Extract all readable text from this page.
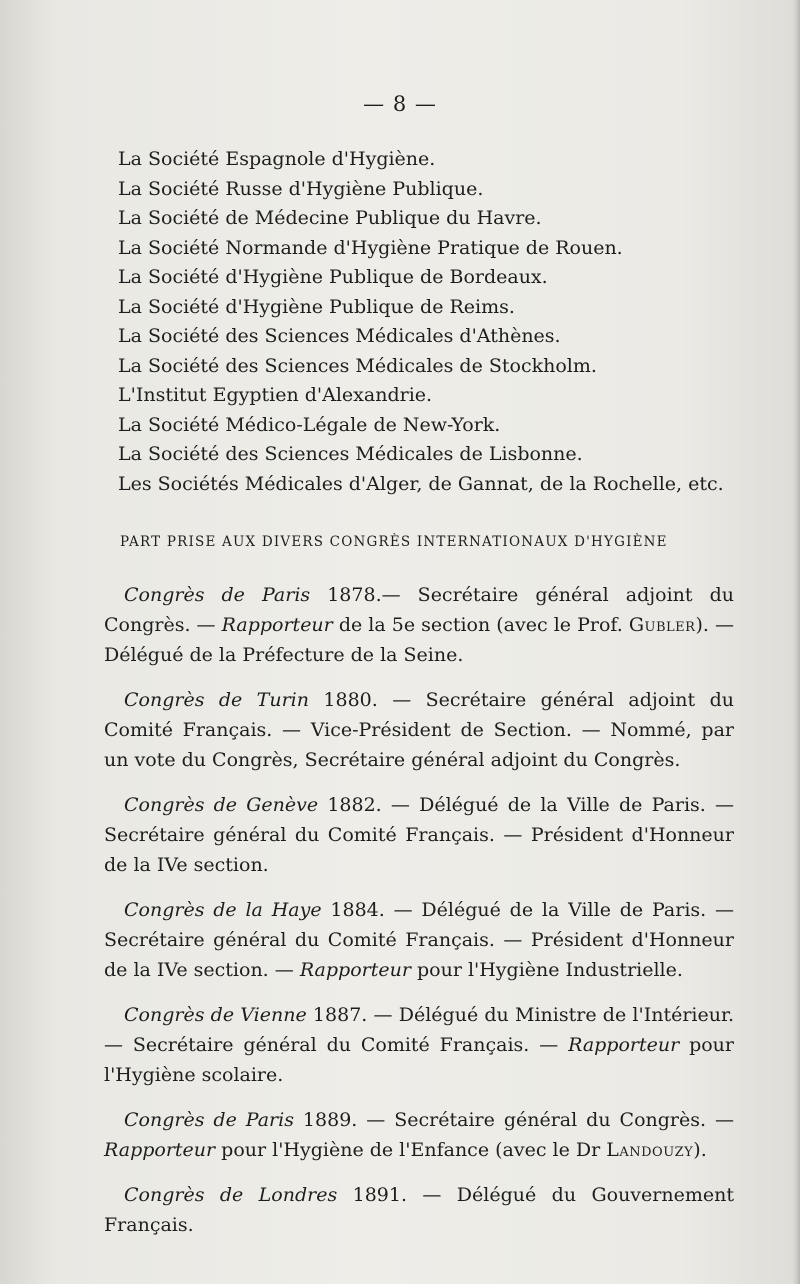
— 8 —
La Société Espagnole d'Hygiène.
La Société Russe d'Hygiène Publique.
La Société de Médecine Publique du Havre.
La Société Normande d'Hygiène Pratique de Rouen.
La Société d'Hygiène Publique de Bordeaux.
La Société d'Hygiène Publique de Reims.
La Société des Sciences Médicales d'Athènes.
La Société des Sciences Médicales de Stockholm.
L'Institut Egyptien d'Alexandrie.
La Société Médico-Légale de New-York.
La Société des Sciences Médicales de Lisbonne.
Les Sociétés Médicales d'Alger, de Gannat, de la Rochelle, etc.
PART PRISE AUX DIVERS CONGRÈS INTERNATIONAUX D'HYGIÈNE

Congrès de Paris 1878.— Secrétaire général adjoint du Congrès. — Rapporteur de la 5e section (avec le Prof. Gubler). — Délégué de la Préfecture de la Seine.

Congrès de Turin 1880. — Secrétaire général adjoint du Comité Français. — Vice-Président de Section. — Nommé, par un vote du Congrès, Secrétaire général adjoint du Congrès.

Congrès de Genève 1882. — Délégué de la Ville de Paris. — Secrétaire général du Comité Français. — Président d'Honneur de la IVe section.

Congrès de la Haye 1884. — Délégué de la Ville de Paris. — Secrétaire général du Comité Français. — Président d'Honneur de la IVe section. — Rapporteur pour l'Hygiène Industrielle.

Congrès de Vienne 1887. — Délégué du Ministre de l'Intérieur. — Secrétaire général du Comité Français. — Rapporteur pour l'Hygiène scolaire.

Congrès de Paris 1889. — Secrétaire général du Congrès. — Rapporteur pour l'Hygiène de l'Enfance (avec le Dr Landouzy).

Congrès de Londres 1891. — Délégué du Gouvernement Français.
